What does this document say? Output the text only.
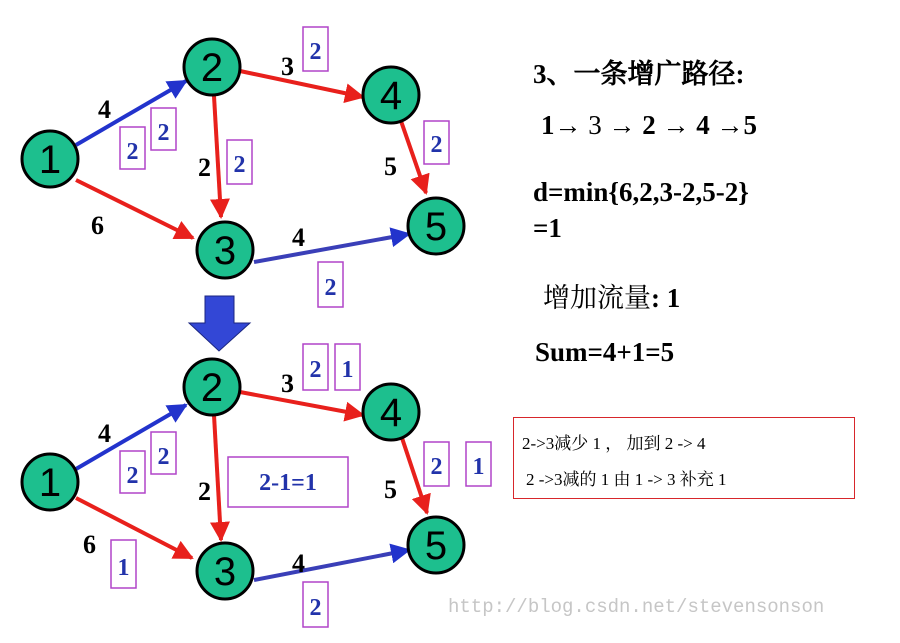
1
2
3
4
5
4
6
3
2	5
4
2
2
2
2
2
2
1
2
3
4
5
4
6
3
2	5
4
2
2
1
2 1
2-1=1
2 1
2
3、一条增广路径:
1→ 3 → 2 → 4 →5
d=min{6,2,3-2,5-2}
=1
增加流量: 1
Sum=4+1=5
2->3减少 1 ， 加到 2 -> 4
2 ->3减的 1 由 1 -> 3 补充 1
http://blog.csdn.net/stevensonson
